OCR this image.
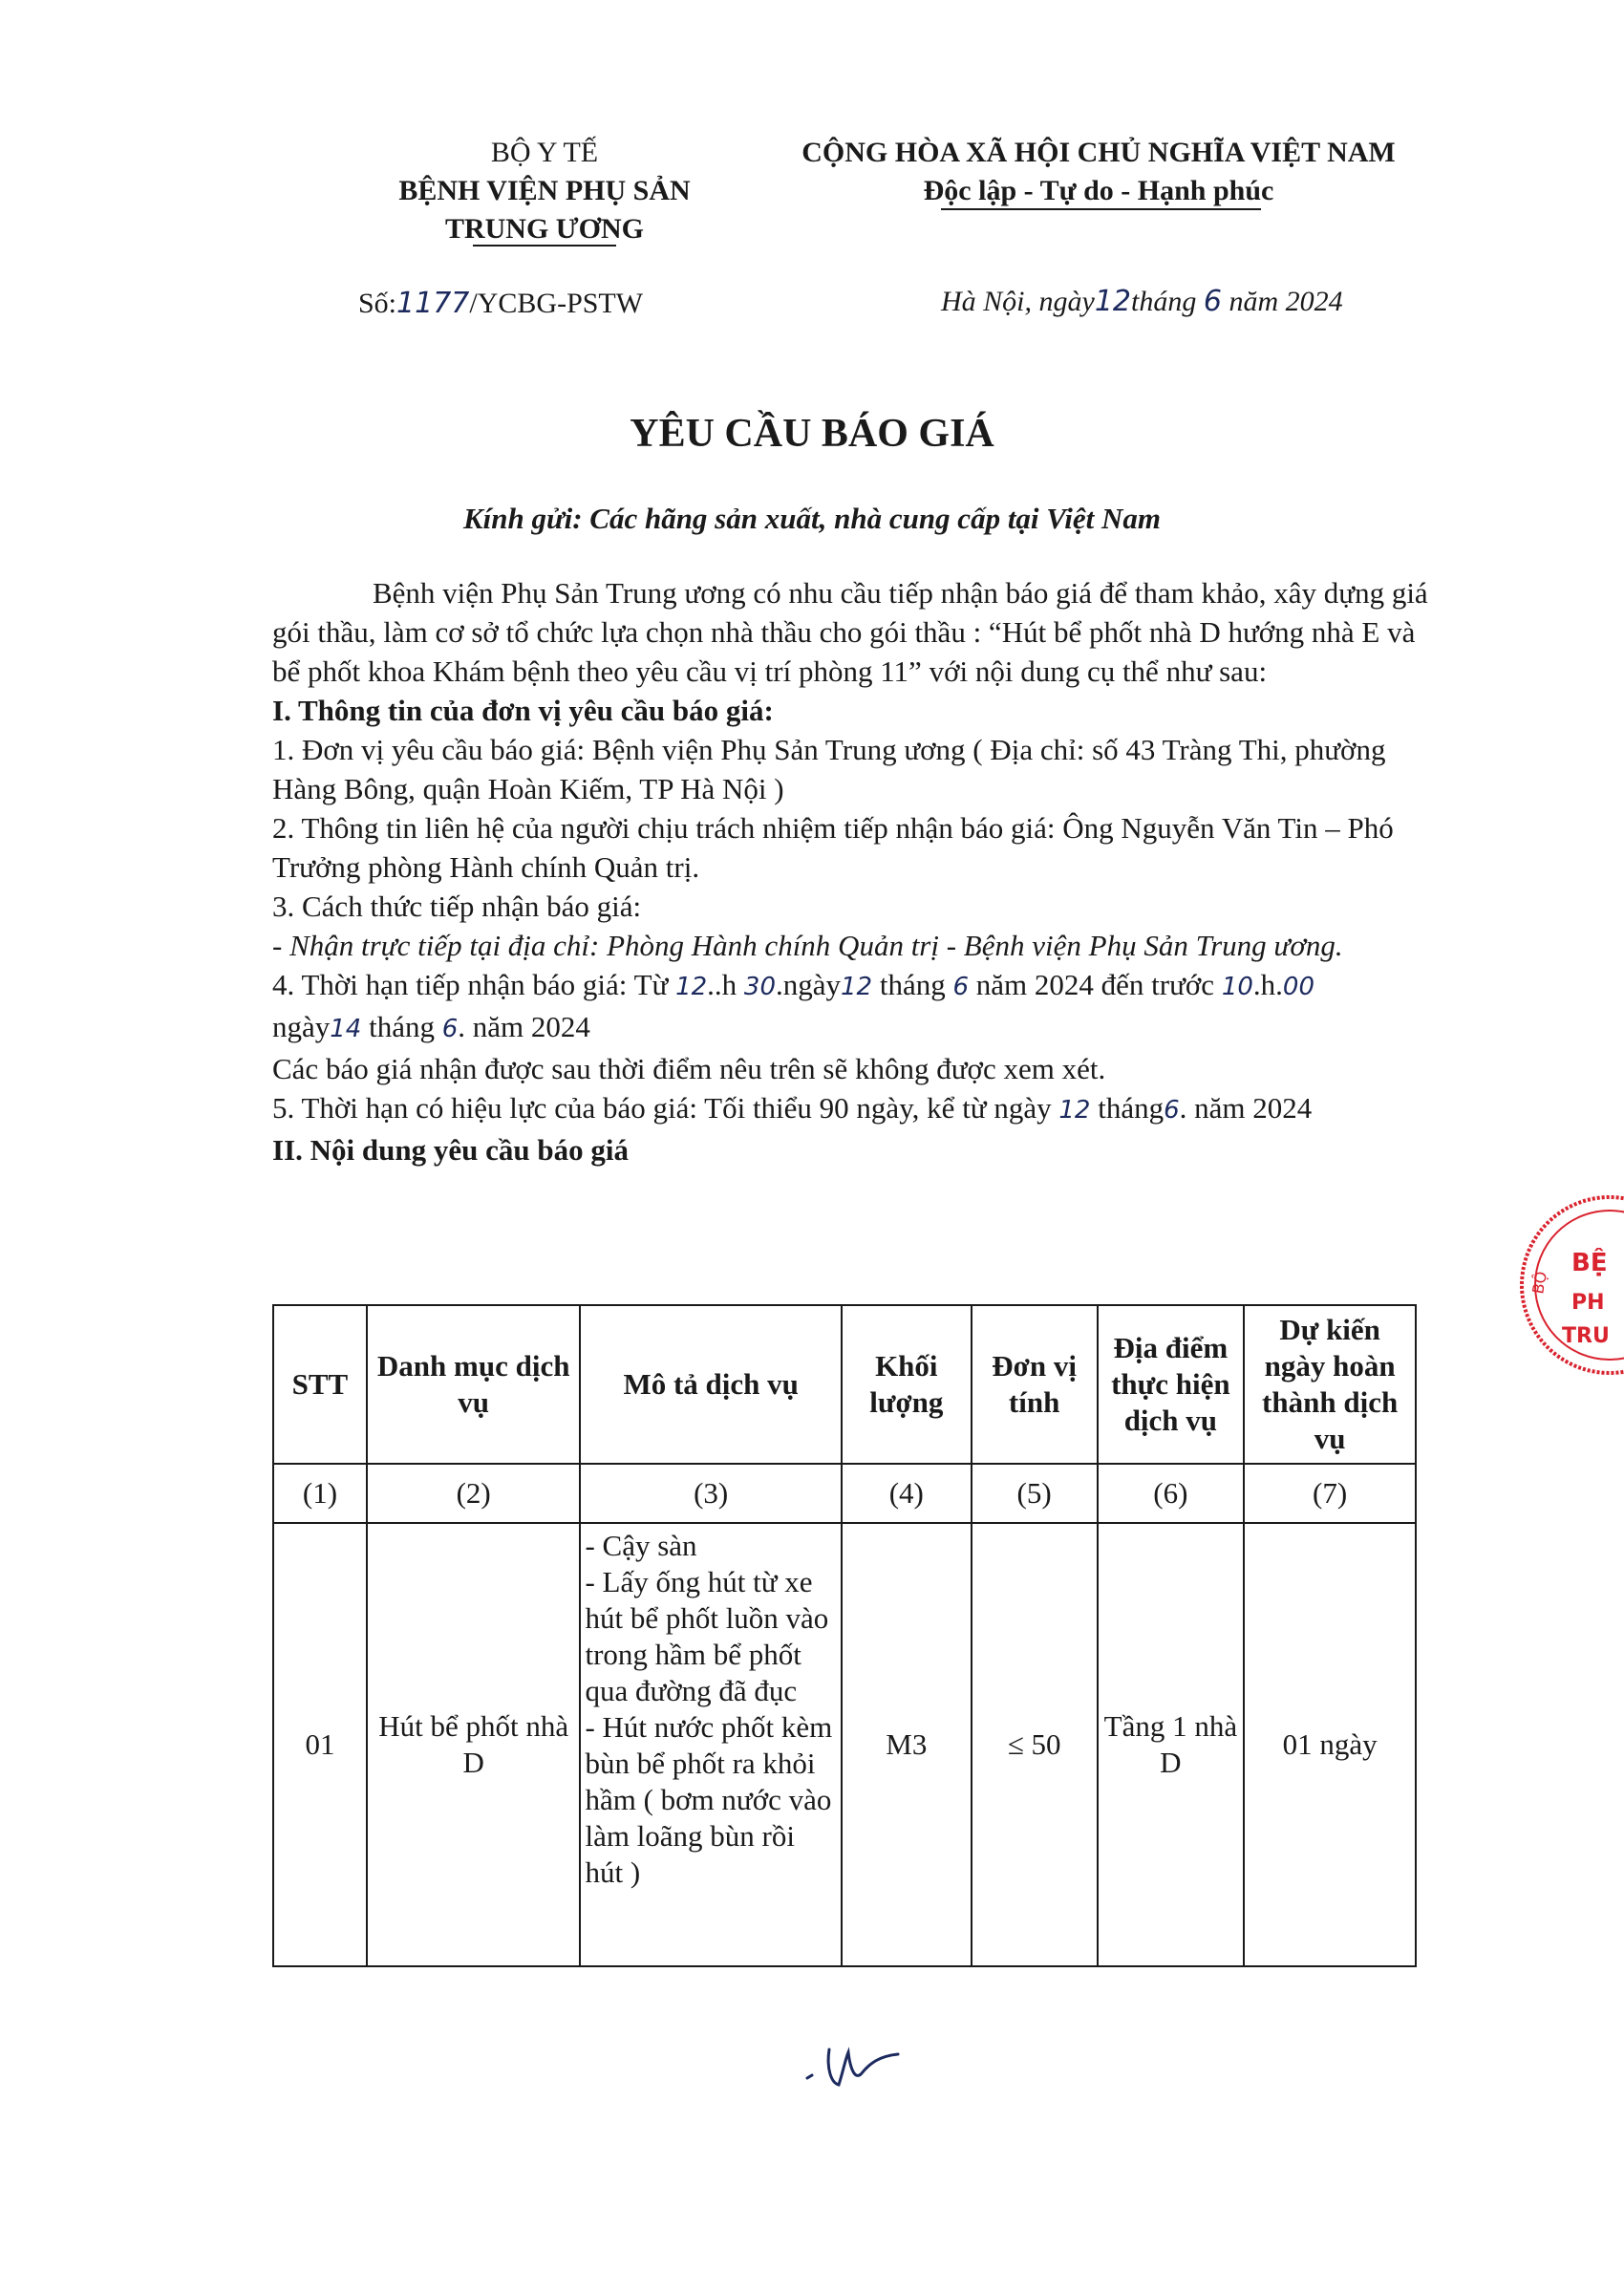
BỘ Y TẾ
BỆNH VIỆN PHỤ SẢN
TRUNG ƯƠNG
CỘNG HÒA XÃ HỘI CHỦ NGHĨA VIỆT NAM
Độc lập - Tự do - Hạnh phúc
Số:1177/YCBG-PSTW	Hà Nội, ngày12tháng 6 năm 2024
YÊU CẦU BÁO GIÁ
Kính gửi: Các hãng sản xuất, nhà cung cấp tại Việt Nam

Bệnh viện Phụ Sản Trung ương có nhu cầu tiếp nhận báo giá để tham khảo, xây dựng giá gói thầu, làm cơ sở tổ chức lựa chọn nhà thầu cho gói thầu : “Hút bể phốt nhà D hướng nhà E và bể phốt khoa Khám bệnh theo yêu cầu vị trí phòng 11” với nội dung cụ thể như sau:

I. Thông tin của đơn vị yêu cầu báo giá:

1. Đơn vị yêu cầu báo giá: Bệnh viện Phụ Sản Trung ương ( Địa chỉ: số 43 Tràng Thi, phường Hàng Bông, quận Hoàn Kiếm, TP Hà Nội )

2. Thông tin liên hệ của người chịu trách nhiệm tiếp nhận báo giá: Ông Nguyễn Văn Tin – Phó Trưởng phòng Hành chính Quản trị.

3. Cách thức tiếp nhận báo giá:

- Nhận trực tiếp tại địa chỉ: Phòng Hành chính Quản trị - Bệnh viện Phụ Sản Trung ương.

4. Thời hạn tiếp nhận báo giá: Từ 12..h 30.ngày12 tháng 6 năm 2024 đến trước 10.h.00
ngày14 tháng 6. năm 2024

Các báo giá nhận được sau thời điểm nêu trên sẽ không được xem xét.

5. Thời hạn có hiệu lực của báo giá: Tối thiểu 90 ngày, kể từ ngày 12 tháng6. năm 2024

II. Nội dung yêu cầu báo giá

STT	Danh mục dịch vụ	Mô tả dịch vụ	Khối lượng	Đơn vị tính	Địa điểm thực hiện dịch vụ	Dự kiến ngày hoàn thành dịch vụ
(1)	(2)	(3)	(4)	(5)	(6)	(7)
01	Hút bể phốt nhà D	- Cậy sàn
- Lấy ống hút từ xe hút bể phốt luồn vào trong hầm bể phốt qua đường đã đục
- Hút nước phốt kèm bùn bể phốt ra khỏi hầm ( bơm nước vào làm loãng bùn rồi hút )	M3	≤ 50	Tầng 1 nhà D	01 ngày
BỆ
PH
TRU
BỘ
